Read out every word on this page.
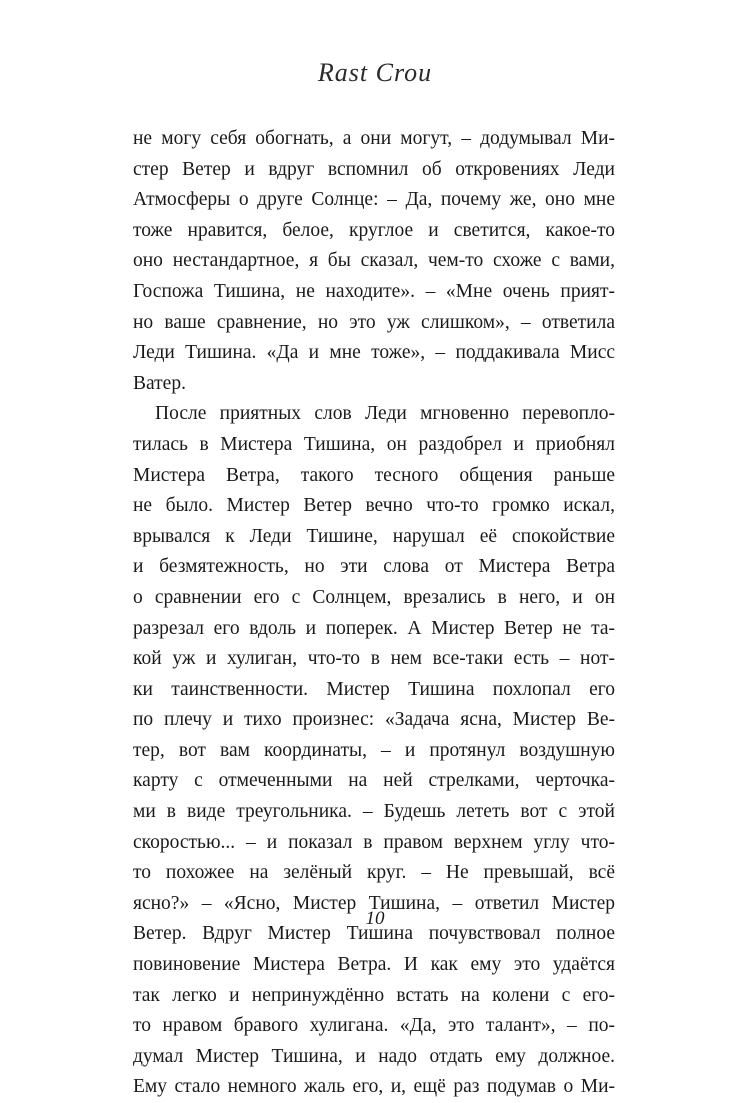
Rast Crou
не могу себя обогнать, а они могут, – додумывал Ми-
стер Ветер и вдруг вспомнил об откровениях Леди
Атмосферы о друге Солнце: – Да, почему же, оно мне
тоже нравится, белое, круглое и светится, какое-то
оно нестандартное, я бы сказал, чем-то схоже с вами,
Госпожа Тишина, не находите». – «Мне очень прият-
но ваше сравнение, но это уж слишком», – ответила
Леди Тишина. «Да и мне тоже», – поддакивала Мисс
Ватер.
После приятных слов Леди мгновенно перевопло-
тилась в Мистера Тишина, он раздобрел и приобнял
Мистера Ветра, такого тесного общения раньше
не было. Мистер Ветер вечно что-то громко искал,
врывался к Леди Тишине, нарушал её спокойствие
и безмятежность, но эти слова от Мистера Ветра
о сравнении его с Солнцем, врезались в него, и он
разрезал его вдоль и поперек. А Мистер Ветер не та-
кой уж и хулиган, что-то в нем все-таки есть – нот-
ки таинственности. Мистер Тишина похлопал его
по плечу и тихо произнес: «Задача ясна, Мистер Ве-
тер, вот вам координаты, – и протянул воздушную
карту с отмеченными на ней стрелками, черточка-
ми в виде треугольника. – Будешь лететь вот с этой
скоростью... – и показал в правом верхнем углу что-
то похожее на зелёный круг. – Не превышай, всё
ясно?» – «Ясно, Мистер Тишина, – ответил Мистер
Ветер. Вдруг Мистер Тишина почувствовал полное
повиновение Мистера Ветра. И как ему это удаётся
так легко и непринуждённо встать на колени с его-
то нравом бравого хулигана. «Да, это талант», – по-
думал Мистер Тишина, и надо отдать ему должное.
Ему стало немного жаль его, и, ещё раз подумав о Ми-
10
